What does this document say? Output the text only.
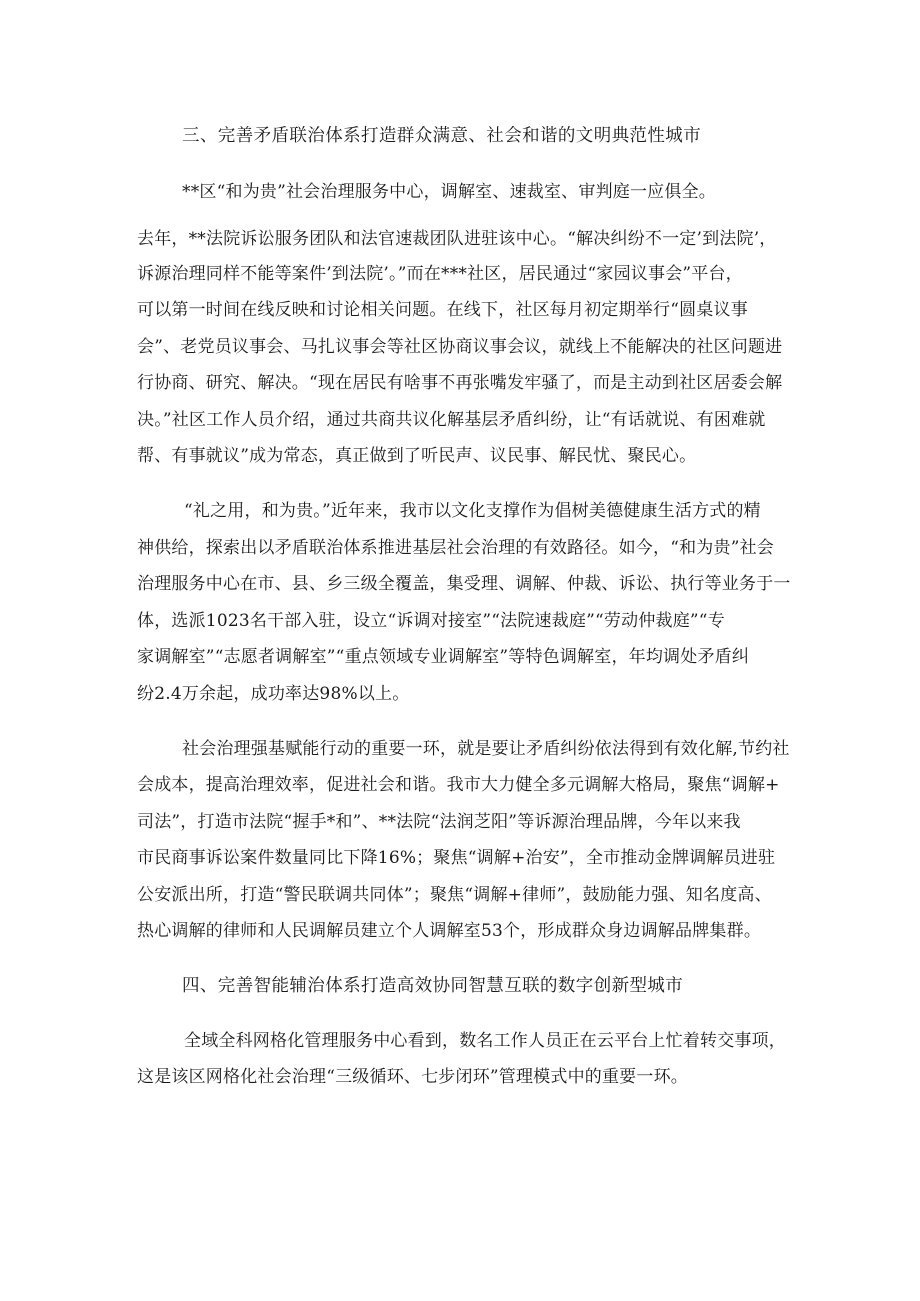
三、完善矛盾联治体系打造群众满意、社会和谐的文明典范性城市
**区“和为贵”社会治理服务中心，调解室、速裁室、审判庭一应俱全。
去年，**法院诉讼服务团队和法官速裁团队进驻该中心。“解决纠纷不一定’到法院’，
诉源治理同样不能等案件’到法院’。”而在***社区，居民通过“家园议事会”平台，
可以第一时间在线反映和讨论相关问题。在线下，社区每月初定期举行“圆桌议事
会”、老党员议事会、马扎议事会等社区协商议事会议，就线上不能解决的社区问题进
行协商、研究、解决。“现在居民有啥事不再张嘴发牢骚了，而是主动到社区居委会解
决。”社区工作人员介绍，通过共商共议化解基层矛盾纠纷，让“有话就说、有困难就
帮、有事就议”成为常态，真正做到了听民声、议民事、解民忧、聚民心。
“礼之用，和为贵。”近年来，我市以文化支撑作为倡树美德健康生活方式的精
神供给，探索出以矛盾联治体系推进基层社会治理的有效路径。如今，“和为贵”社会
治理服务中心在市、县、乡三级全覆盖，集受理、调解、仲裁、诉讼、执行等业务于一
体，选派1023名干部入驻，设立“诉调对接室”“法院速裁庭”“劳动仲裁庭”“专
家调解室”“志愿者调解室”“重点领域专业调解室”等特色调解室，年均调处矛盾纠
纷2.4万余起，成功率达98%以上。
社会治理强基赋能行动的重要一环，就是要让矛盾纠纷依法得到有效化解,节约社
会成本，提高治理效率，促进社会和谐。我市大力健全多元调解大格局，聚焦“调解+
司法”，打造市法院“握手*和”、**法院“法润芝阳”等诉源治理品牌，今年以来我
市民商事诉讼案件数量同比下降16%；聚焦“调解+治安”，全市推动金牌调解员进驻
公安派出所，打造“警民联调共同体”；聚焦“调解+律师”，鼓励能力强、知名度高、
热心调解的律师和人民调解员建立个人调解室53个，形成群众身边调解品牌集群。
四、完善智能辅治体系打造高效协同智慧互联的数字创新型城市
全域全科网格化管理服务中心看到，数名工作人员正在云平台上忙着转交事项，
这是该区网格化社会治理“三级循环、七步闭环”管理模式中的重要一环。
